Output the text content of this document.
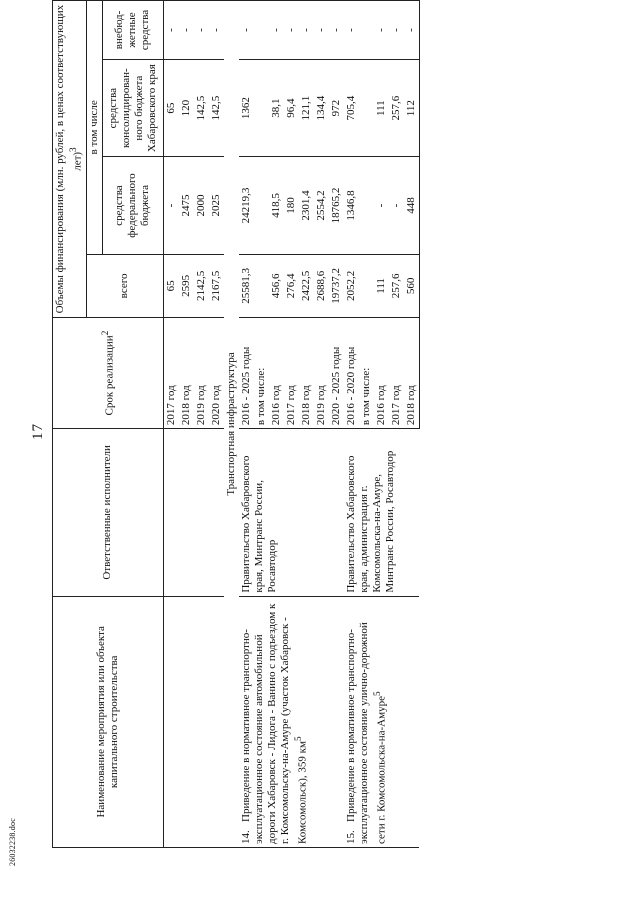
17
26032238.doc
Наименование мероприятия или объекта капитального строительства	Ответственные исполнители	Срок реализации$^2$	Объемы финансирования (млн. рублей, в ценах соответствующих лет)$^3$
			всего	в том числе		
				средства федерального бюджета	средства консолидирован-ного бюджета Хабаровского края	внебюд-жетные средства
		2017 год	65	-	65	-
		2018 год	2595	2475	120	-
		2019 год	2142,5	2000	142,5	-
		2020 год	2167,5	2025	142,5	-
Транспортная инфраструктура						
14.Приведение в нормативное транспортно-эксплуатационное состояние автомобильной дороги Хабаровск - Лидога - Ванино с подъездом к г. Комсомольску-на-Амуре (участок Хабаровск - Комсомольск), 359 $км^5$	Правительство Хабаровского края, Минтранс России, Росавтодор	2016 - 2025 годы	25581,3	24219,3	1362	-
		в том числе:				
		2016 год	456,6	418,5	38,1	-
		2017 год	276,4	180	96,4	-
		2018 год	2422,5	2301,4	121,1	-
		2019 год	2688,6	2554,2	134,4	-
		2020 - 2025 годы	19737,2	18765,2	972	-
15.Приведение в нормативное транспортно-эксплуатационное состояние улично-дорожной сети г. Комсомольска-на-Амуре$^5$	Правительство Хабаровского края, администрация г. Комсомольска-на-Амуре, Минтранс России, Росавтодор	2016 - 2020 годы	2052,2	1346,8	705,4	-
		в том числе:				
		2016 год	111	-	111	-
		2017 год	257,6	-	257,6	-
		2018 год	560	448	112	-
